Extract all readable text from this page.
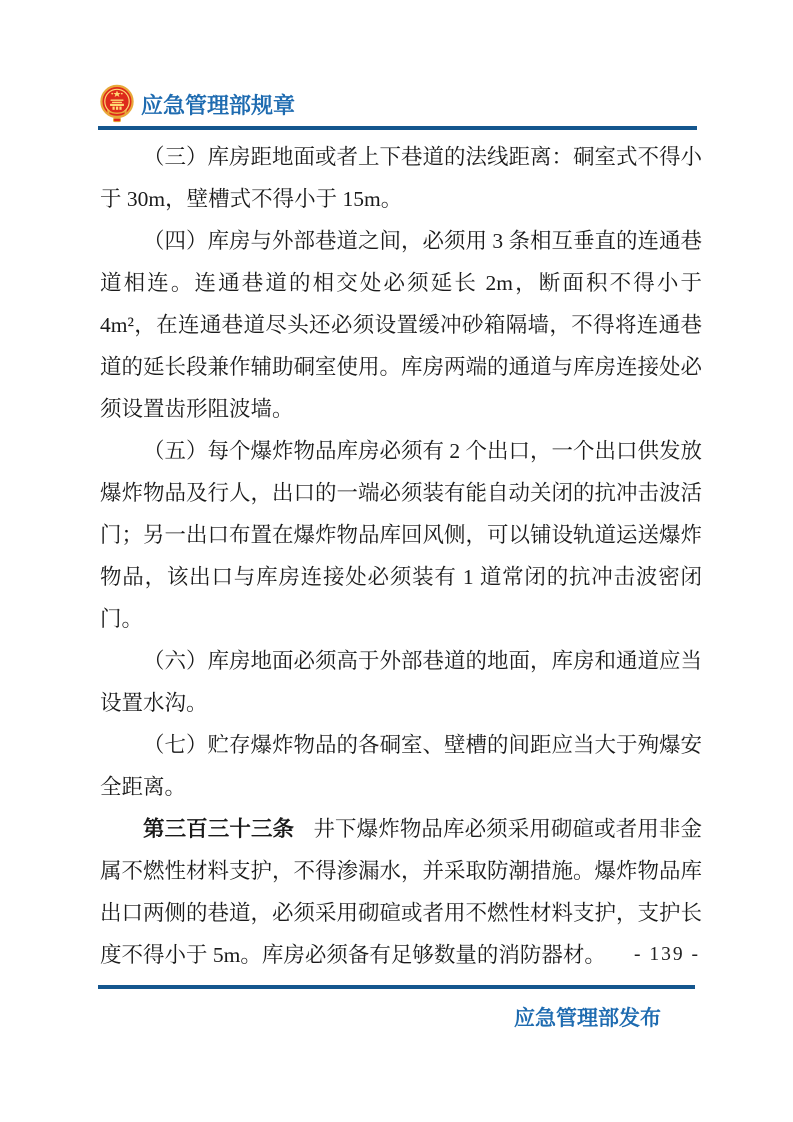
应急管理部规章

（三）库房距地面或者上下巷道的法线距离：硐室式不得小于 30m，壁槽式不得小于 15m。

（四）库房与外部巷道之间，必须用 3 条相互垂直的连通巷道相连。连通巷道的相交处必须延长 2m，断面积不得小于 4m²，在连通巷道尽头还必须设置缓冲砂箱隔墙，不得将连通巷道的延长段兼作辅助硐室使用。库房两端的通道与库房连接处必须设置齿形阻波墙。

（五）每个爆炸物品库房必须有 2 个出口，一个出口供发放爆炸物品及行人，出口的一端必须装有能自动关闭的抗冲击波活门；另一出口布置在爆炸物品库回风侧，可以铺设轨道运送爆炸物品，该出口与库房连接处必须装有 1 道常闭的抗冲击波密闭门。

（六）库房地面必须高于外部巷道的地面，库房和通道应当设置水沟。

（七）贮存爆炸物品的各硐室、壁槽的间距应当大于殉爆安全距离。

第三百三十三条 井下爆炸物品库必须采用砌碹或者用非金属不燃性材料支护，不得渗漏水，并采取防潮措施。爆炸物品库出口两侧的巷道，必须采用砌碹或者用不燃性材料支护，支护长度不得小于 5m。库房必须备有足够数量的消防器材。	- 139 -
应急管理部发布
